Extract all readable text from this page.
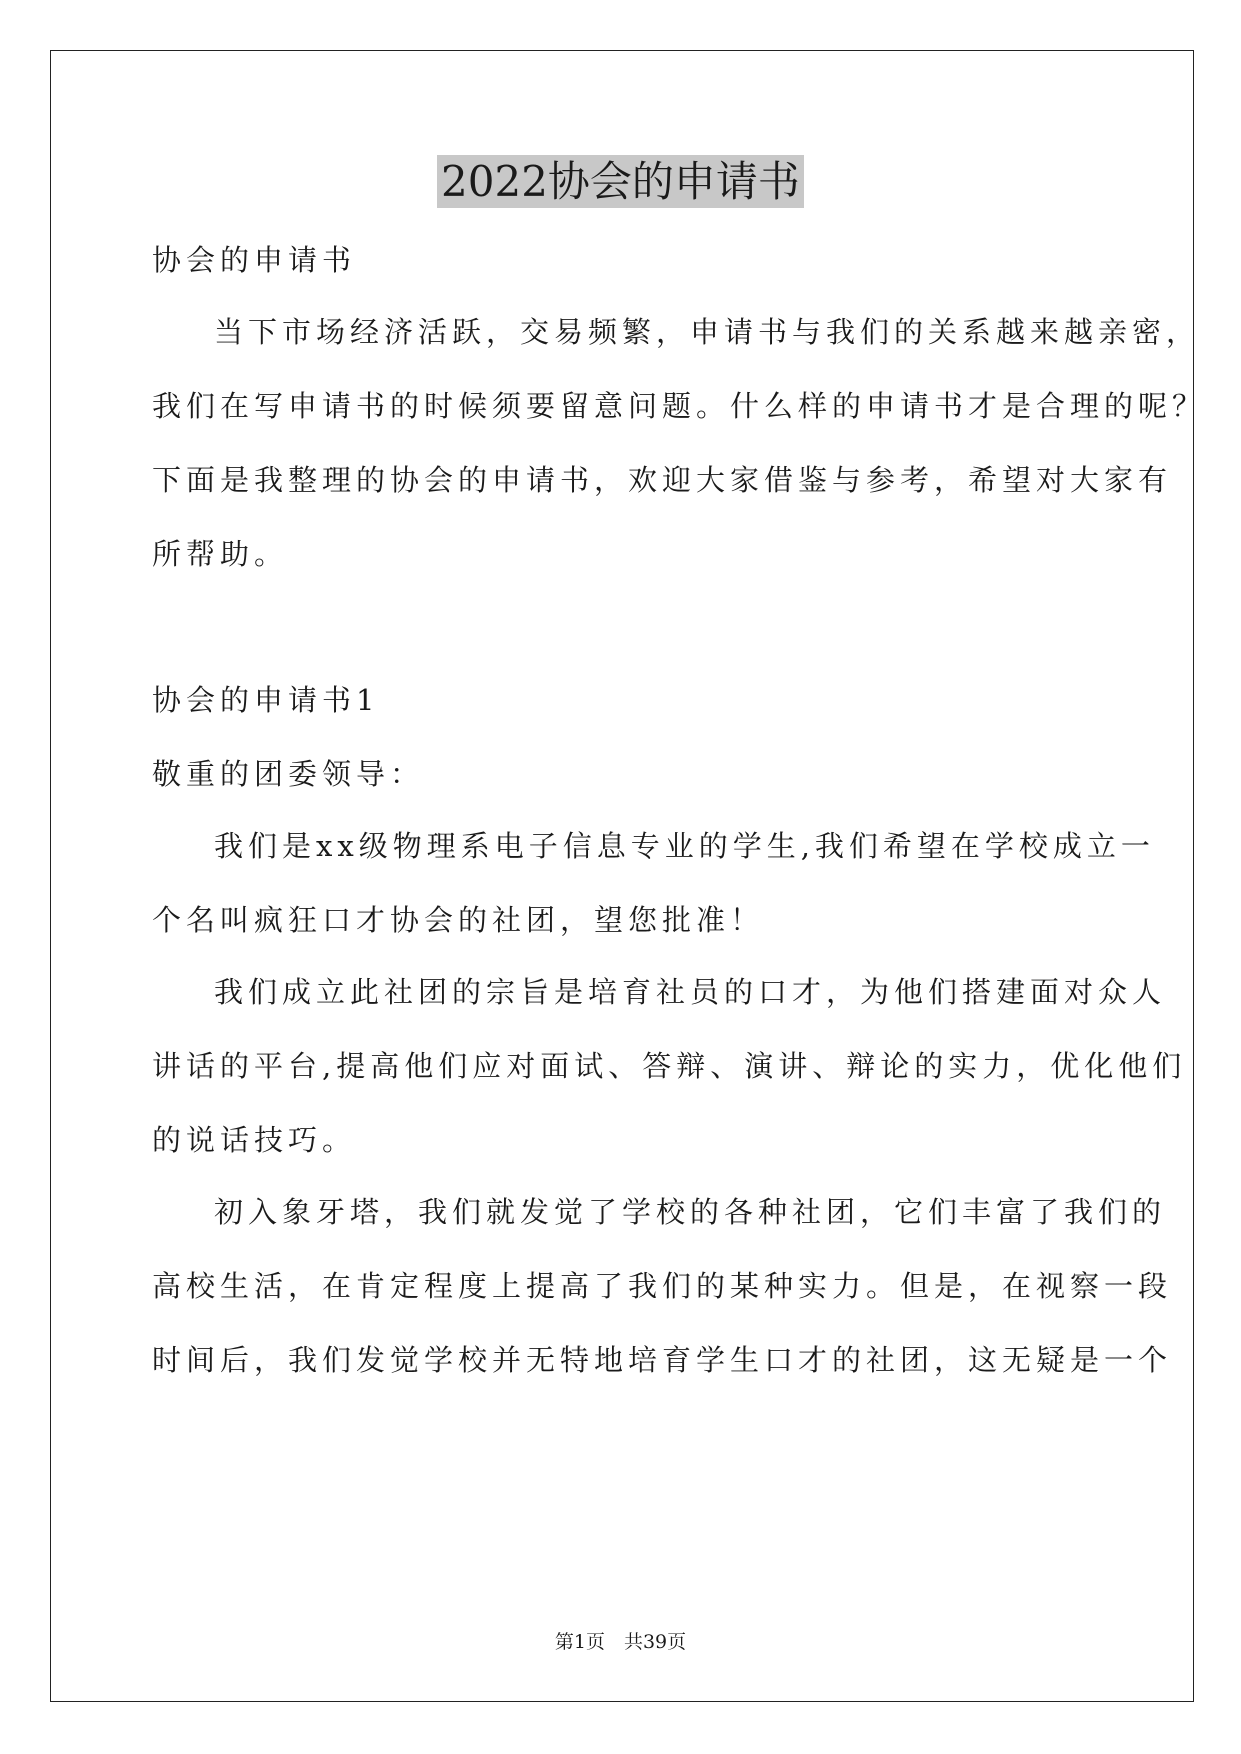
2022协会的申请书
协会的申请书
当下市场经济活跃，交易频繁，申请书与我们的关系越来越亲密，
我们在写申请书的时候须要留意问题。什么样的申请书才是合理的呢？
下面是我整理的协会的申请书，欢迎大家借鉴与参考，希望对大家有
所帮助。
协会的申请书1
敬重的团委领导：
我们是xx级物理系电子信息专业的学生,我们希望在学校成立一
个名叫疯狂口才协会的社团，望您批准！
我们成立此社团的宗旨是培育社员的口才，为他们搭建面对众人
讲话的平台,提高他们应对面试、答辩、演讲、辩论的实力，优化他们
的说话技巧。
初入象牙塔，我们就发觉了学校的各种社团，它们丰富了我们的
高校生活，在肯定程度上提高了我们的某种实力。但是，在视察一段
时间后，我们发觉学校并无特地培育学生口才的社团，这无疑是一个
第1页　共39页
